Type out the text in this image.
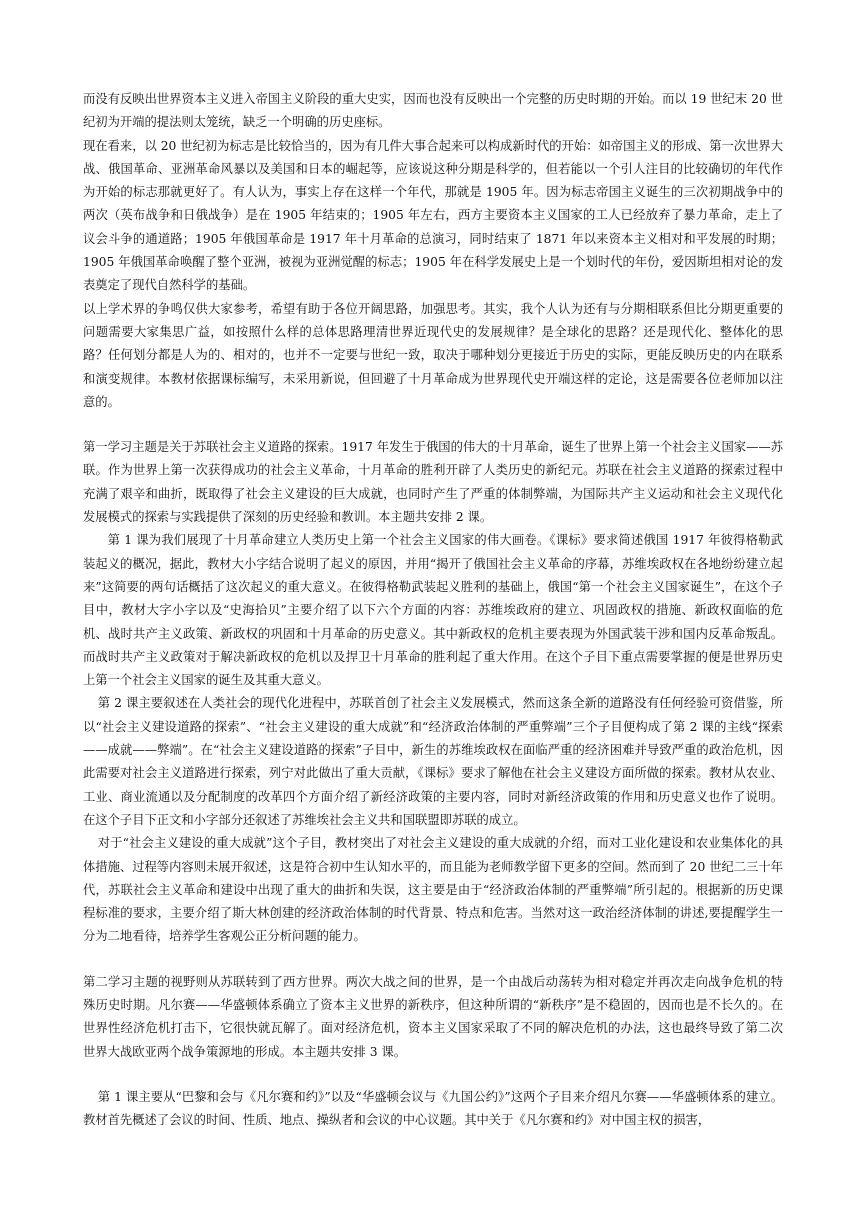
而没有反映出世界资本主义进入帝国主义阶段的重大史实，因而也没有反映出一个完整的历史时期的开始。而以 19 世纪末 20 世纪初为开端的提法则太笼统，缺乏一个明确的历史座标。

现在看来，以 20 世纪初为标志是比较恰当的，因为有几件大事合起来可以构成新时代的开始：如帝国主义的形成、第一次世界大战、俄国革命、亚洲革命风暴以及美国和日本的崛起等，应该说这种分期是科学的，但若能以一个引人注目的比较确切的年代作为开始的标志那就更好了。有人认为，事实上存在这样一个年代，那就是 1905 年。因为标志帝国主义诞生的三次初期战争中的两次（英布战争和日俄战争）是在 1905 年结束的；1905 年左右，西方主要资本主义国家的工人已经放弃了暴力革命，走上了议会斗争的通道路；1905 年俄国革命是 1917 年十月革命的总演习，同时结束了 1871 年以来资本主义相对和平发展的时期；1905 年俄国革命唤醒了整个亚洲，被视为亚洲觉醒的标志；1905 年在科学发展史上是一个划时代的年份，爱因斯坦相对论的发表奠定了现代自然科学的基础。

以上学术界的争鸣仅供大家参考，希望有助于各位开阔思路，加强思考。其实，我个人认为还有与分期相联系但比分期更重要的问题需要大家集思广益，如按照什么样的总体思路理清世界近现代史的发展规律？是全球化的思路？还是现代化、整体化的思路？任何划分都是人为的、相对的，也并不一定要与世纪一致，取决于哪种划分更接近于历史的实际，更能反映历史的内在联系和演变规律。本教材依据课标编写，未采用新说，但回避了十月革命成为世界现代史开端这样的定论，这是需要各位老师加以注意的。

第一学习主题是关于苏联社会主义道路的探索。1917 年发生于俄国的伟大的十月革命，诞生了世界上第一个社会主义国家——苏联。作为世界上第一次获得成功的社会主义革命，十月革命的胜利开辟了人类历史的新纪元。苏联在社会主义道路的探索过程中充满了艰辛和曲折，既取得了社会主义建设的巨大成就，也同时产生了严重的体制弊端，为国际共产主义运动和社会主义现代化发展模式的探索与实践提供了深刻的历史经验和教训。本主题共安排 2 课。

第 1 课为我们展现了十月革命建立人类历史上第一个社会主义国家的伟大画卷。《课标》要求简述俄国 1917 年彼得格勒武装起义的概况，据此，教材大小字结合说明了起义的原因，并用“揭开了俄国社会主义革命的序幕，苏维埃政权在各地纷纷建立起来”这简要的两句话概括了这次起义的重大意义。在彼得格勒武装起义胜利的基础上，俄国“第一个社会主义国家诞生”，在这个子目中，教材大字小字以及“史海拾贝”主要介绍了以下六个方面的内容：苏维埃政府的建立、巩固政权的措施、新政权面临的危机、战时共产主义政策、新政权的巩固和十月革命的历史意义。其中新政权的危机主要表现为外国武装干涉和国内反革命叛乱。而战时共产主义政策对于解决新政权的危机以及捍卫十月革命的胜利起了重大作用。在这个子目下重点需要掌握的便是世界历史上第一个社会主义国家的诞生及其重大意义。

第 2 课主要叙述在人类社会的现代化进程中，苏联首创了社会主义发展模式，然而这条全新的道路没有任何经验可资借鉴，所以“社会主义建设道路的探索”、“社会主义建设的重大成就”和“经济政治体制的严重弊端”三个子目便构成了第 2 课的主线“探索——成就——弊端”。在“社会主义建设道路的探索”子目中，新生的苏维埃政权在面临严重的经济困难并导致严重的政治危机，因此需要对社会主义道路进行探索，列宁对此做出了重大贡献，《课标》要求了解他在社会主义建设方面所做的探索。教材从农业、工业、商业流通以及分配制度的改革四个方面介绍了新经济政策的主要内容，同时对新经济政策的作用和历史意义也作了说明。在这个子目下正文和小字部分还叙述了苏维埃社会主义共和国联盟即苏联的成立。

对于“社会主义建设的重大成就”这个子目，教材突出了对社会主义建设的重大成就的介绍，而对工业化建设和农业集体化的具体措施、过程等内容则未展开叙述，这是符合初中生认知水平的，而且能为老师教学留下更多的空间。然而到了 20 世纪二三十年代，苏联社会主义革命和建设中出现了重大的曲折和失误，这主要是由于“经济政治体制的严重弊端”所引起的。根据新的历史课程标准的要求，主要介绍了斯大林创建的经济政治体制的时代背景、特点和危害。当然对这一政治经济体制的讲述,要提醒学生一分为二地看待，培养学生客观公正分析问题的能力。

第二学习主题的视野则从苏联转到了西方世界。两次大战之间的世界，是一个由战后动荡转为相对稳定并再次走向战争危机的特殊历史时期。凡尔赛——华盛顿体系确立了资本主义世界的新秩序，但这种所谓的“新秩序”是不稳固的，因而也是不长久的。在世界性经济危机打击下，它很快就瓦解了。面对经济危机，资本主义国家采取了不同的解决危机的办法，这也最终导致了第二次世界大战欧亚两个战争策源地的形成。本主题共安排 3 课。

第 1 课主要从“巴黎和会与《凡尔赛和约》”以及“华盛顿会议与《九国公约》”这两个子目来介绍凡尔赛——华盛顿体系的建立。教材首先概述了会议的时间、性质、地点、操纵者和会议的中心议题。其中关于《凡尔赛和约》对中国主权的损害，
